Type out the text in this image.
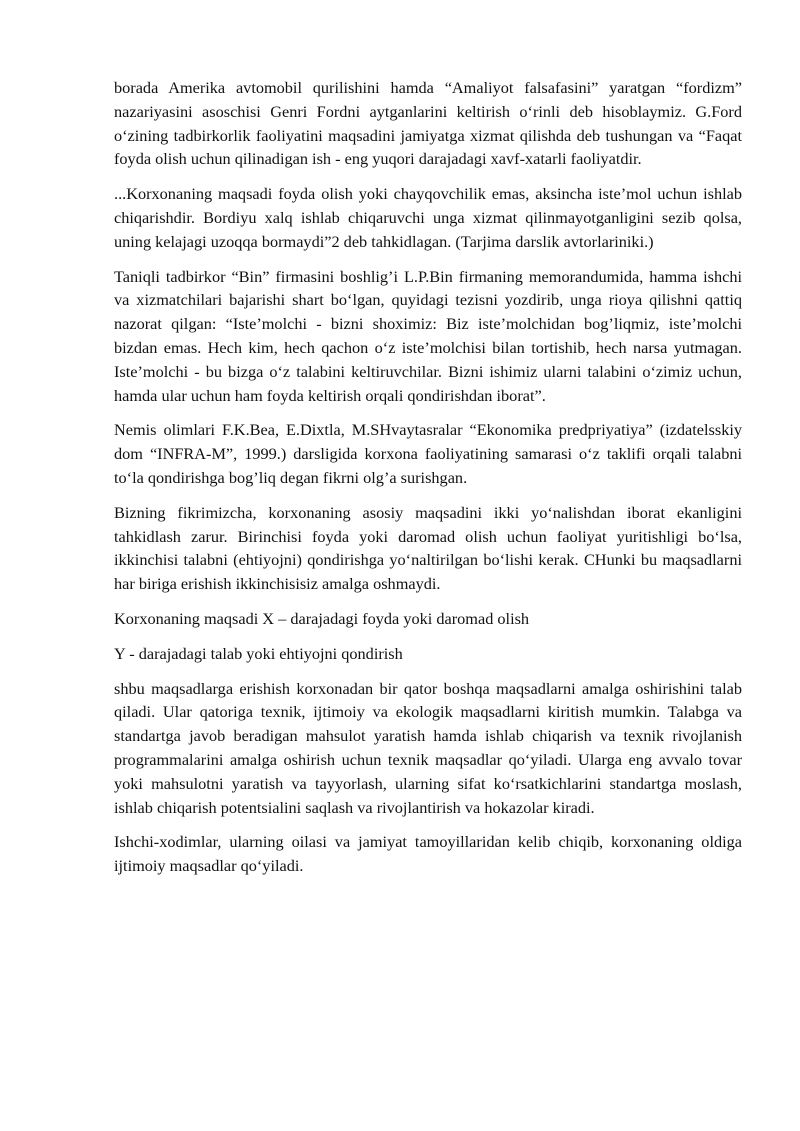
borada Amerika avtomobil qurilishini hamda “Amaliyot falsafasini” yaratgan “fordizm” nazariyasini asoschisi Genri Fordni aytganlarini keltirish o‘rinli deb hisoblaymiz. G.Ford o‘zining tadbirkorlik faoliyatini maqsadini jamiyatga xizmat qilishda deb tushungan va “Faqat foyda olish uchun qilinadigan ish - eng yuqori darajadagi xavf-xatarli faoliyatdir.

...Korxonaning maqsadi foyda olish yoki chayqovchilik emas, aksincha iste’mol uchun ishlab chiqarishdir. Bordiyu xalq ishlab chiqaruvchi unga xizmat qilinmayotganligini sezib qolsa, uning kelajagi uzoqqa bormaydi”2 deb tahkidlagan. (Tarjima darslik avtorlariniki.)

Taniqli tadbirkor “Bin” firmasini boshlig’i L.P.Bin firmaning memorandumida, hamma ishchi va xizmatchilari bajarishi shart bo‘lgan, quyidagi tezisni yozdirib, unga rioya qilishni qattiq nazorat qilgan: “Iste’molchi - bizni shoximiz: Biz iste’molchidan bog’liqmiz, iste’molchi bizdan emas. Hech kim, hech qachon o‘z iste’molchisi bilan tortishib, hech narsa yutmagan. Iste’molchi - bu bizga o‘z talabini keltiruvchilar. Bizni ishimiz ularni talabini o‘zimiz uchun, hamda ular uchun ham foyda keltirish orqali qondirishdan iborat”.

Nemis olimlari F.K.Bea, E.Dixtla, M.SHvaytasralar “Ekonomika predpriyatiya” (izdatelsskiy dom “INFRA-M”, 1999.) darsligida korxona faoliyatining samarasi o‘z taklifi orqali talabni to‘la qondirishga bog’liq degan fikrni olg’a surishgan.

Bizning fikrimizcha, korxonaning asosiy maqsadini ikki yo‘nalishdan iborat ekanligini tahkidlash zarur. Birinchisi foyda yoki daromad olish uchun faoliyat yuritishligi bo‘lsa, ikkinchisi talabni (ehtiyojni) qondirishga yo‘naltirilgan bo‘lishi kerak. CHunki bu maqsadlarni har biriga erishish ikkinchisisiz amalga oshmaydi.

Korxonaning maqsadi X – darajadagi foyda yoki daromad olish

Y - darajadagi talab yoki ehtiyojni qondirish

shbu maqsadlarga erishish korxonadan bir qator boshqa maqsadlarni amalga oshirishini talab qiladi. Ular qatoriga texnik, ijtimoiy va ekologik maqsadlarni kiritish mumkin. Talabga va standartga javob beradigan mahsulot yaratish hamda ishlab chiqarish va texnik rivojlanish programmalarini amalga oshirish uchun texnik maqsadlar qo‘yiladi. Ularga eng avvalo tovar yoki mahsulotni yaratish va tayyorlash, ularning sifat ko‘rsatkichlarini standartga moslash, ishlab chiqarish potentsialini saqlash va rivojlantirish va hokazolar kiradi.

Ishchi-xodimlar, ularning oilasi va jamiyat tamoyillaridan kelib chiqib, korxonaning oldiga ijtimoiy maqsadlar qo‘yiladi.
